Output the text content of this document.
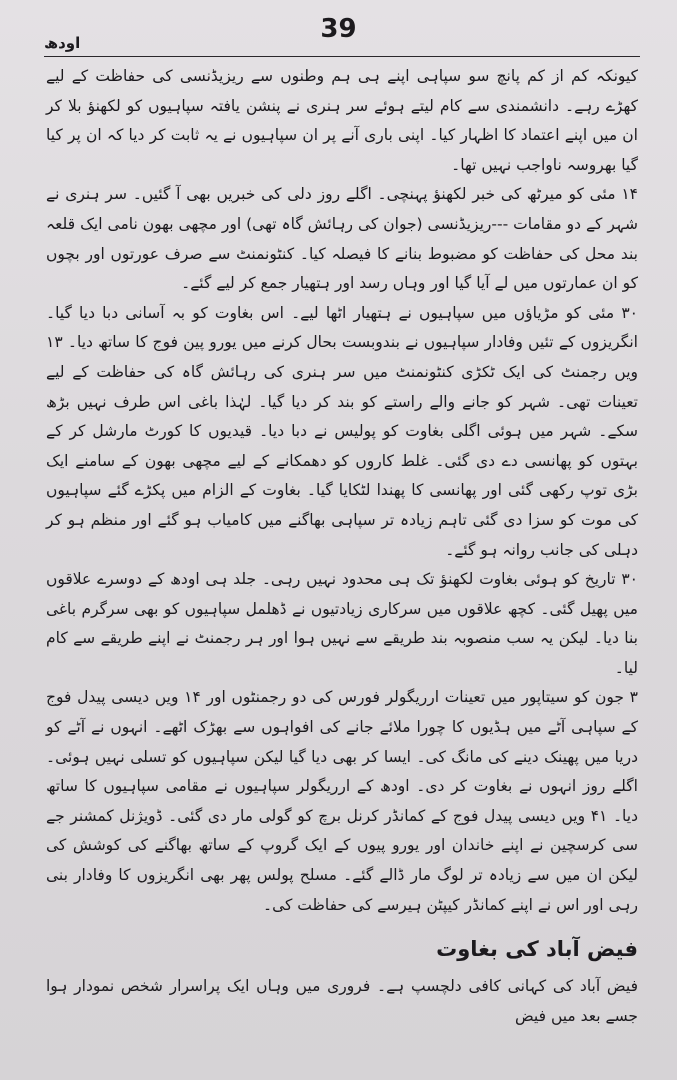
39
اودھ

کیونکہ کم از کم پانچ سو سپاہی اپنے ہی ہم وطنوں سے ریزیڈنسی کی حفاظت کے لیے کھڑے رہے۔ دانشمندی سے کام لیتے ہوئے سر ہنری نے پنشن یافتہ سپاہیوں کو لکھنؤ بلا کر ان میں اپنے اعتماد کا اظہار کیا۔ اپنی باری آنے پر ان سپاہیوں نے یہ ثابت کر دیا کہ ان پر کیا گیا بھروسہ ناواجب نہیں تھا۔

۱۴ مئی کو میرٹھ کی خبر لکھنؤ پہنچی۔ اگلے روز دلی کی خبریں بھی آ گئیں۔ سر ہنری نے شہر کے دو مقامات ---ریزیڈنسی (جوان کی رہائش گاہ تھی) اور مچھی بھون نامی ایک قلعہ بند محل کی حفاظت کو مضبوط بنانے کا فیصلہ کیا۔ کنٹونمنٹ سے صرف عورتوں اور بچوں کو ان عمارتوں میں لے آیا گیا اور وہاں رسد اور ہتھیار جمع کر لیے گئے۔

۳۰ مئی کو مڑیاؤں میں سپاہیوں نے ہتھیار اٹھا لیے۔ اس بغاوت کو بہ آسانی دبا دیا گیا۔ انگریزوں کے تئیں وفادار سپاہیوں نے بندوبست بحال کرنے میں یورو پین فوج کا ساتھ دیا۔ ۱۳ ویں رجمنٹ کی ایک ٹکڑی کنٹونمنٹ میں سر ہنری کی رہائش گاہ کی حفاظت کے لیے تعینات تھی۔ شہر کو جانے والے راستے کو بند کر دیا گیا۔ لہٰذا باغی اس طرف نہیں بڑھ سکے۔ شہر میں ہوئی اگلی بغاوت کو پولیس نے دبا دیا۔ قیدیوں کا کورٹ مارشل کر کے بہتوں کو پھانسی دے دی گئی۔ غلط کاروں کو دھمکانے کے لیے مچھی بھون کے سامنے ایک بڑی توپ رکھی گئی اور پھانسی کا پھندا لٹکایا گیا۔ بغاوت کے الزام میں پکڑے گئے سپاہیوں کی موت کو سزا دی گئی تاہم زیادہ تر سپاہی بھاگنے میں کامیاب ہو گئے اور منظم ہو کر دہلی کی جانب روانہ ہو گئے۔

۳۰ تاریخ کو ہوئی بغاوت لکھنؤ تک ہی محدود نہیں رہی۔ جلد ہی اودھ کے دوسرے علاقوں میں پھیل گئی۔ کچھ علاقوں میں سرکاری زیادتیوں نے ڈھلمل سپاہیوں کو بھی سرگرم باغی بنا دیا۔ لیکن یہ سب منصوبہ بند طریقے سے نہیں ہوا اور ہر رجمنٹ نے اپنے طریقے سے کام لیا۔

۳ جون کو سیتاپور میں تعینات ارریگولر فورس کی دو رجمنٹوں اور ۱۴ ویں دیسی پیدل فوج کے سپاہی آٹے میں ہڈیوں کا چورا ملائے جانے کی افواہوں سے بھڑک اٹھے۔ انہوں نے آٹے کو دریا میں پھینک دینے کی مانگ کی۔ ایسا کر بھی دیا گیا لیکن سپاہیوں کو تسلی نہیں ہوئی۔ اگلے روز انہوں نے بغاوت کر دی۔ اودھ کے ارریگولر سپاہیوں نے مقامی سپاہیوں کا ساتھ دیا۔ ۴۱ ویں دیسی پیدل فوج کے کمانڈر کرنل برچ کو گولی مار دی گئی۔ ڈویژنل کمشنر جے سی کرسچین نے اپنے خاندان اور یورو پیوں کے ایک گروپ کے ساتھ بھاگنے کی کوشش کی لیکن ان میں سے زیادہ تر لوگ مار ڈالے گئے۔ مسلح پولس پھر بھی انگریزوں کا وفادار بنی رہی اور اس نے اپنے کمانڈر کیپٹن ہیرسے کی حفاظت کی۔

فیض آباد کی بغاوت

فیض آباد کی کہانی کافی دلچسپ ہے۔ فروری میں وہاں ایک پراسرار شخص نمودار ہوا جسے بعد میں فیض
